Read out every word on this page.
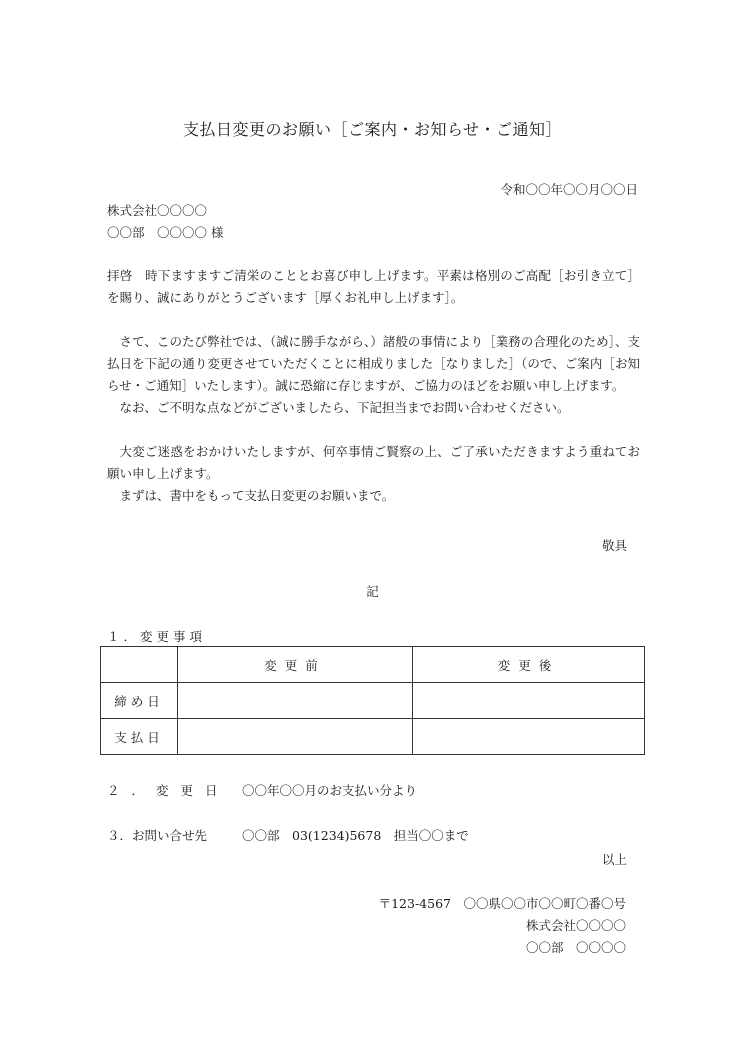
支払日変更のお願い［ご案内・お知らせ・ご通知］
令和〇〇年〇〇月〇〇日
株式会社〇〇〇〇
〇〇部　〇〇〇〇 様

拝啓　時下ますますご清栄のこととお喜び申し上げます。平素は格別のご高配［お引き立て］を賜り、誠にありがとうございます［厚くお礼申し上げます］。

さて、このたび弊社では、（誠に勝手ながら、）諸般の事情により［業務の合理化のため］、支払日を下記の通り変更させていただくことに相成りました［なりました］（ので、ご案内［お知らせ・ご通知］いたします）。誠に恐縮に存じますが、ご協力のほどをお願い申し上げます。

なお、ご不明な点などがございましたら、下記担当までお問い合わせください。

大変ご迷惑をおかけいたしますが、何卒事情ご賢察の上、ご了承いただきますよう重ねてお願い申し上げます。

まずは、書中をもって支払日変更のお願いまで。

敬具
記
１．変更事項
	変更前	変更後
締め日		
支払日		
２．変更日 〇〇年〇〇月のお支払い分より
３．お問い合せ先	〇〇部　03(1234)5678　担当〇〇まで
以上
〒123-4567　〇〇県〇〇市〇〇町〇番〇号
株式会社〇〇〇〇
〇〇部　〇〇〇〇
